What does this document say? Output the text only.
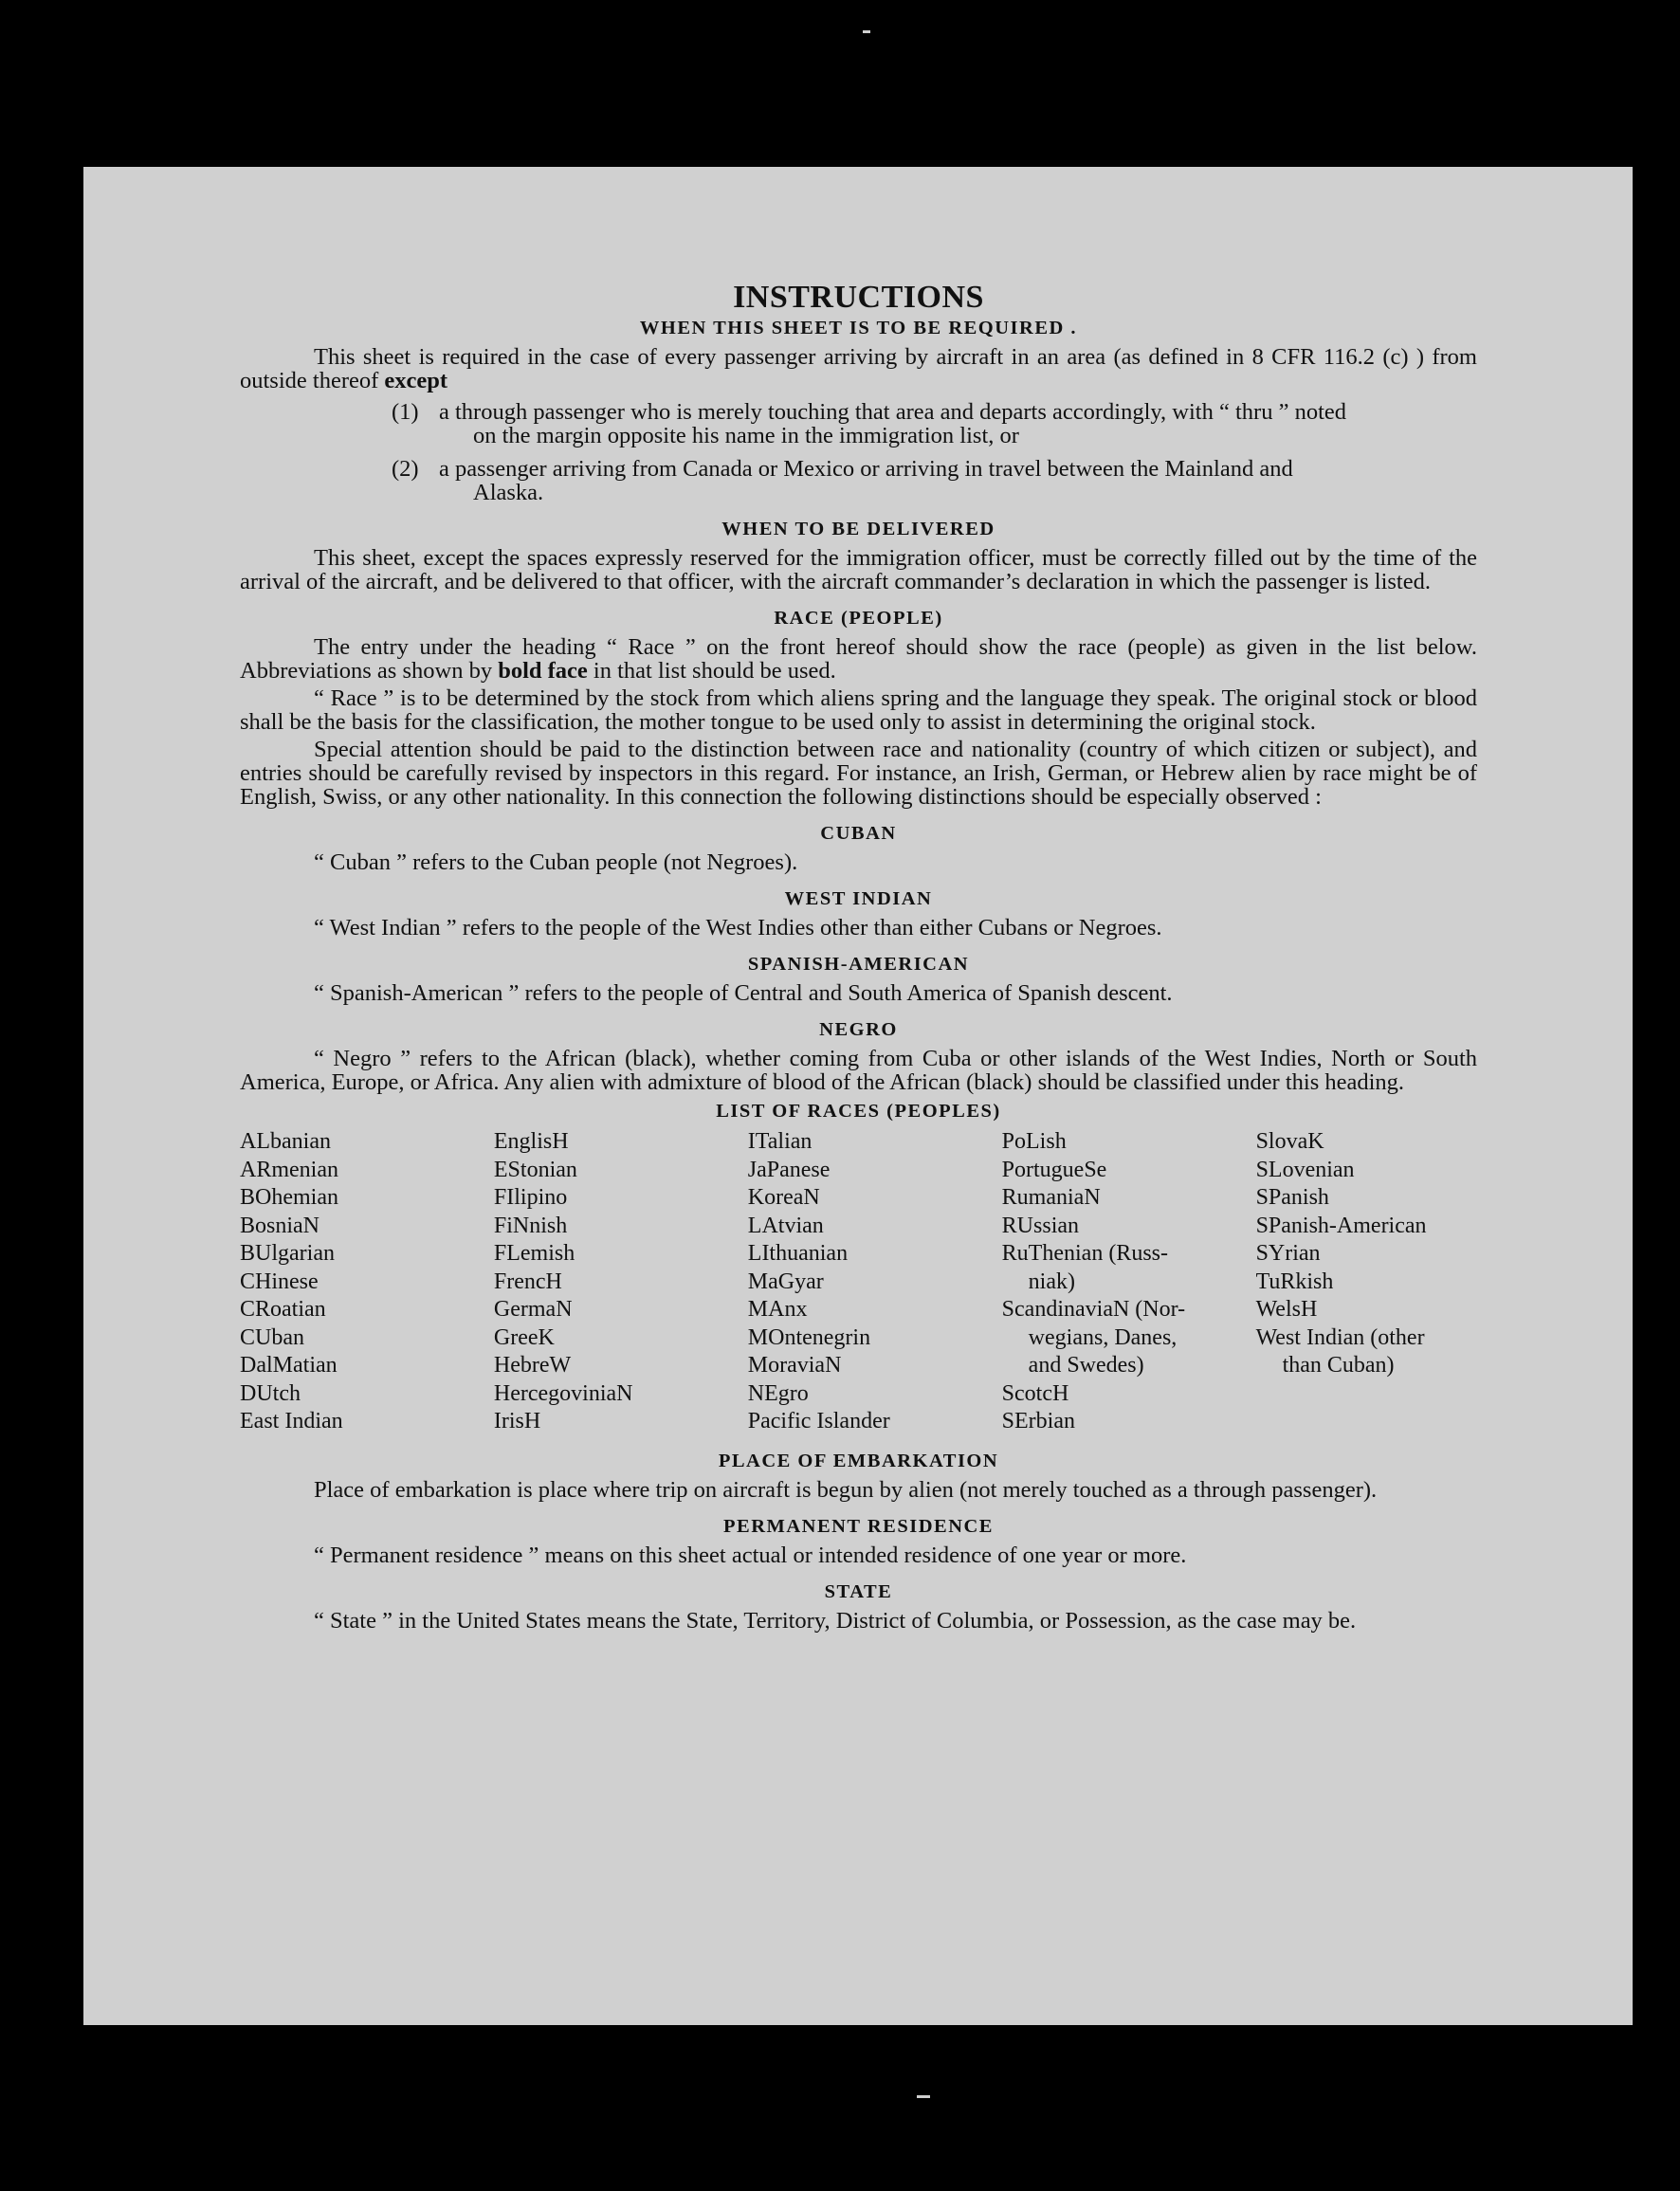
INSTRUCTIONS
WHEN THIS SHEET IS TO BE REQUIRED .

This sheet is required in the case of every passenger arriving by aircraft in an area (as defined in 8 CFR 116.2 (c) ) from outside thereof except

(1) a through passenger who is merely touching that area and departs accordingly, with “ thru ” noted
on the margin opposite his name in the immigration list, or
(2) a passenger arriving from Canada or Mexico or arriving in travel between the Mainland and
Alaska.
WHEN TO BE DELIVERED

This sheet, except the spaces expressly reserved for the immigration officer, must be correctly filled out by the time of the arrival of the aircraft, and be delivered to that officer, with the aircraft commander’s declaration in which the passenger is listed.

RACE (PEOPLE)

The entry under the heading “ Race ” on the front hereof should show the race (people) as given in the list below. Abbreviations as shown by bold face in that list should be used.

“ Race ” is to be determined by the stock from which aliens spring and the language they speak. The original stock or blood shall be the basis for the classification, the mother tongue to be used only to assist in determining the original stock.

Special attention should be paid to the distinction between race and nationality (country of which citizen or subject), and entries should be carefully revised by inspectors in this regard. For instance, an Irish, German, or Hebrew alien by race might be of English, Swiss, or any other nationality. In this connection the following distinctions should be especially observed :

CUBAN

“ Cuban ” refers to the Cuban people (not Negroes).

WEST INDIAN

“ West Indian ” refers to the people of the West Indies other than either Cubans or Negroes.

SPANISH-AMERICAN

“ Spanish-American ” refers to the people of Central and South America of Spanish descent.

NEGRO

“ Negro ” refers to the African (black), whether coming from Cuba or other islands of the West Indies, North or South America, Europe, or Africa. Any alien with admixture of blood of the African (black) should be classified under this heading.

LIST OF RACES (PEOPLES)
ALbanian
ARmenian
BOhemian
BosniaN
BUlgarian
CHinese
CRoatian
CUban
DalMatian
DUtch
East Indian
EnglisH
EStonian
FIlipino
FiNnish
FLemish
FrencH
GermaN
GreeK
HebreW
HercegoviniaN
IrisH
ITalian
JaPanese
KoreaN
LAtvian
LIthuanian
MaGyar
MAnx
MOntenegrin
MoraviaN
NEgro
Pacific Islander
PoLish
PortugueSe
RumaniaN
RUssian
RuThenian (Russ-
niak)
ScandinaviaN (Nor-
wegians, Danes,
and Swedes)
ScotcH
SErbian
SlovaK
SLovenian
SPanish
SPanish-American
SYrian
TuRkish
WelsH
West Indian (other
than Cuban)
PLACE OF EMBARKATION

Place of embarkation is place where trip on aircraft is begun by alien (not merely touched as a through passenger).

PERMANENT RESIDENCE

“ Permanent residence ” means on this sheet actual or intended residence of one year or more.

STATE

“ State ” in the United States means the State, Territory, District of Columbia, or Possession, as the case may be.
